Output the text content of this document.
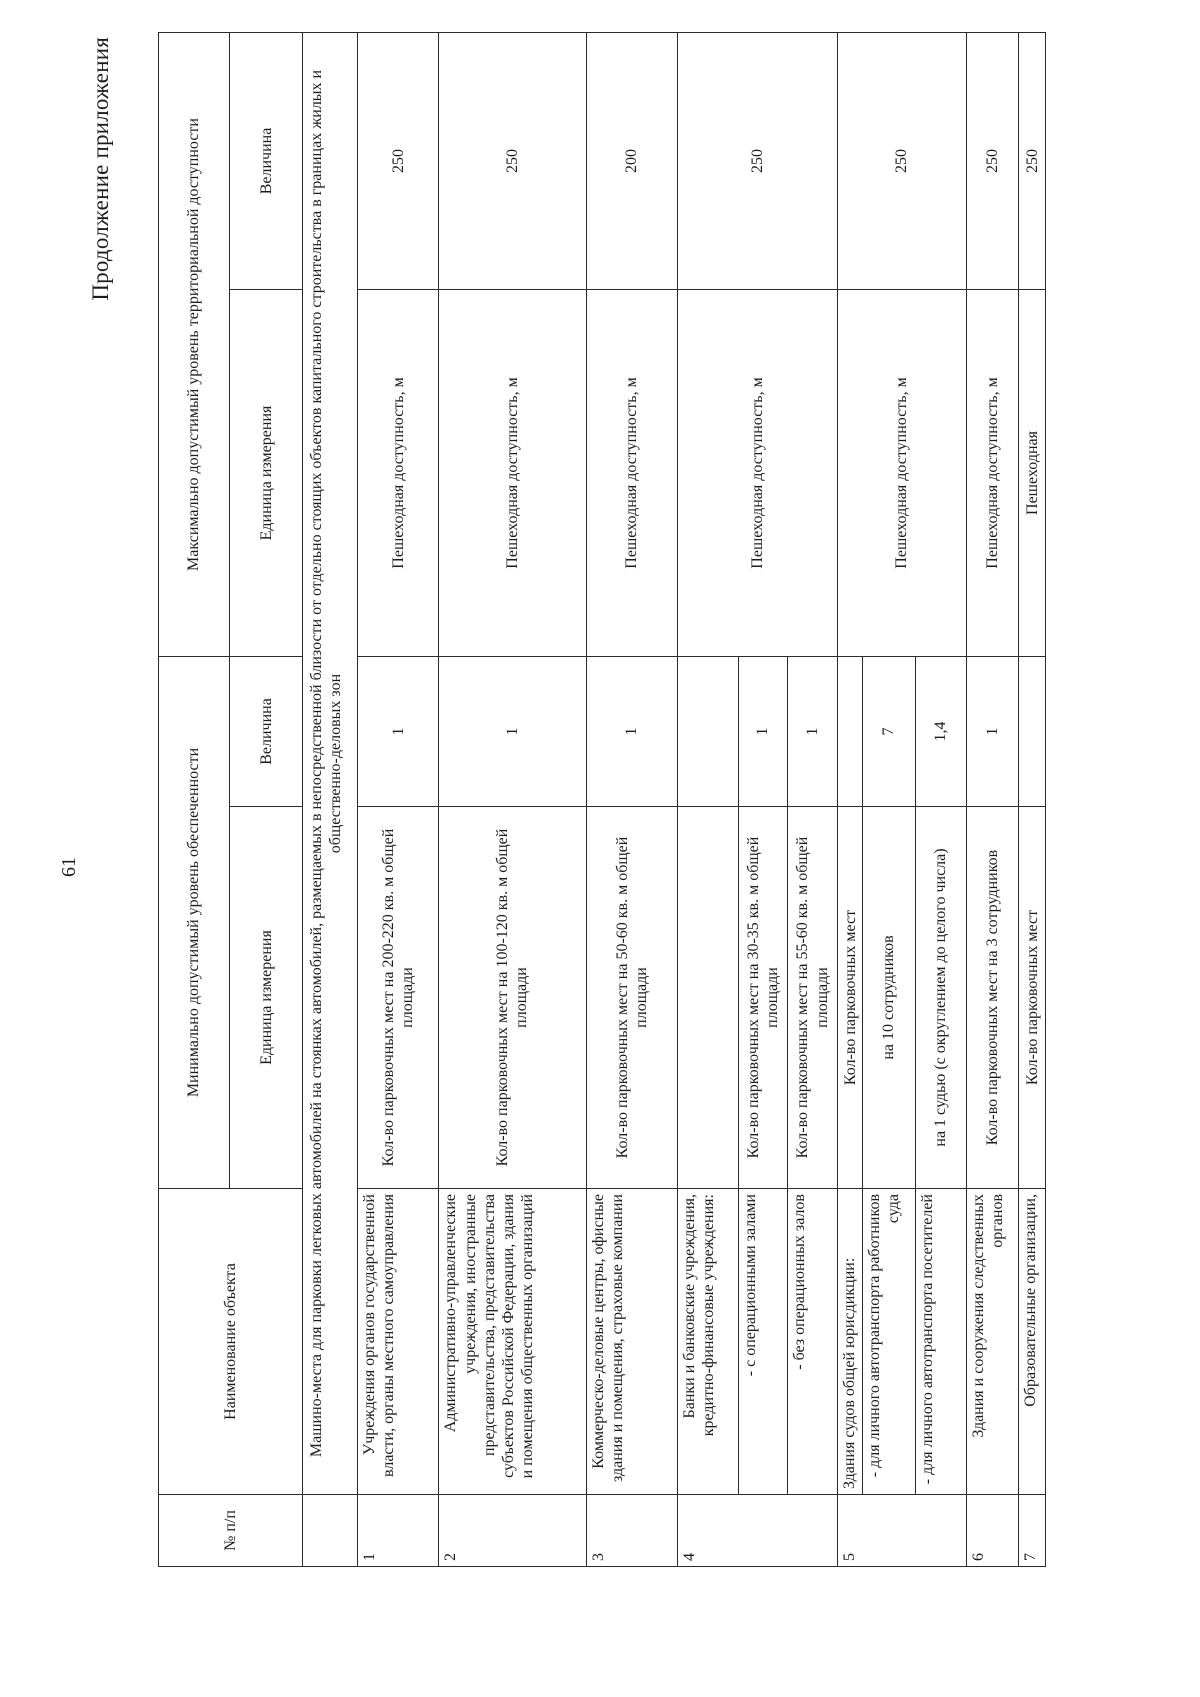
61
Продолжение приложения
№ п/п	Наименование объекта	Минимально допустимый уровень обеспеченности		Максимально допустимый уровень территориальной доступности	
		Единица измерения	Величина	Единица измерения	Величина
	Машино-места для парковки легковых автомобилей на стоянках автомобилей, размещаемых в непосредственной близости от отдельно стоящих объектов капитального строительства в границах жилых и общественно-деловых зон				
1	Учреждения органов государственной власти, органы местного самоуправления	Кол-во парковочных мест на 200-220 кв. м общей площади	1	Пешеходная доступность, м	250
2	Административно-управленческие учреждения, иностранные представительства, представительства субъектов Российской Федерации, здания и помещения общественных организаций	Кол-во парковочных мест на 100-120 кв. м общей площади	1	Пешеходная доступность, м	250
3	Коммерческо-деловые центры, офисные здания и помещения, страховые компании	Кол-во парковочных мест на 50-60 кв. м общей площади	1	Пешеходная доступность, м	200
4	Банки и банковские учреждения, кредитно-финансовые учреждения:			Пешеходная доступность, м	250
	- с операционными залами	Кол-во парковочных мест на 30-35 кв. м общей площади	1		
	- без операционных залов	Кол-во парковочных мест на 55-60 кв. м общей площади	1		
5	Здания судов общей юрисдикции:	Кол-во парковочных мест		Пешеходная доступность, м	250
	- для личного автотранспорта работников суда	на 10 сотрудников	7		
	- для личного автотранспорта посетителей	на 1 судью (с округлением до целого числа)	1,4		
6	Здания и сооружения следственных органов	Кол-во парковочных мест на 3 сотрудников	1	Пешеходная доступность, м	250
7	Образовательные организации,	Кол-во парковочных мест		Пешеходная	250
